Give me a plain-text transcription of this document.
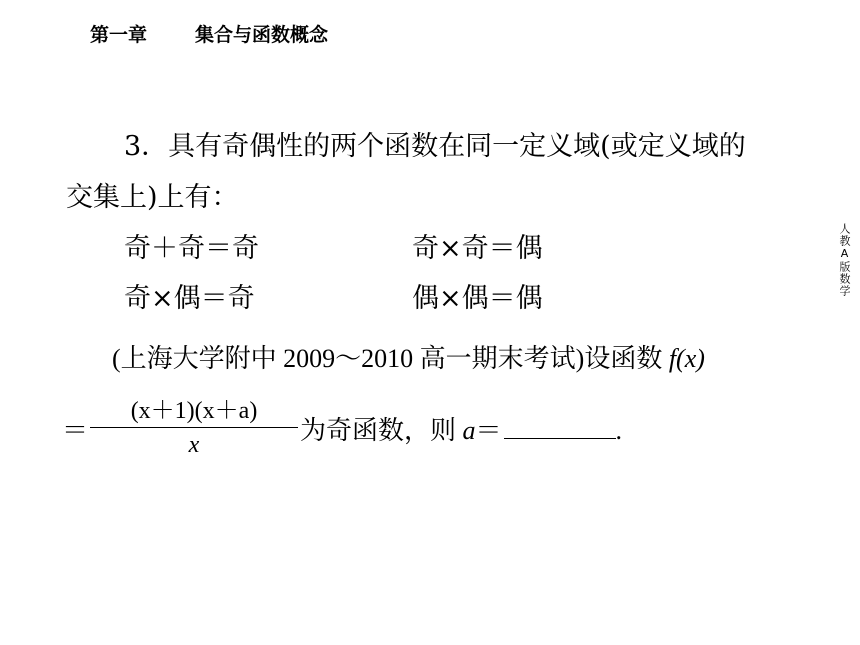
第一章	集合与函数概念
人教A版数学
3．具有奇偶性的两个函数在同一定义域(或定义域的
交集上)上有：
奇＋奇＝奇	奇×奇＝偶
奇×偶＝奇	偶×偶＝偶
(上海大学附中 2009～2010 高一期末考试)设函数 f(x)
＝
(x＋1)(x＋a)
x	为奇函数，则 a＝	.
